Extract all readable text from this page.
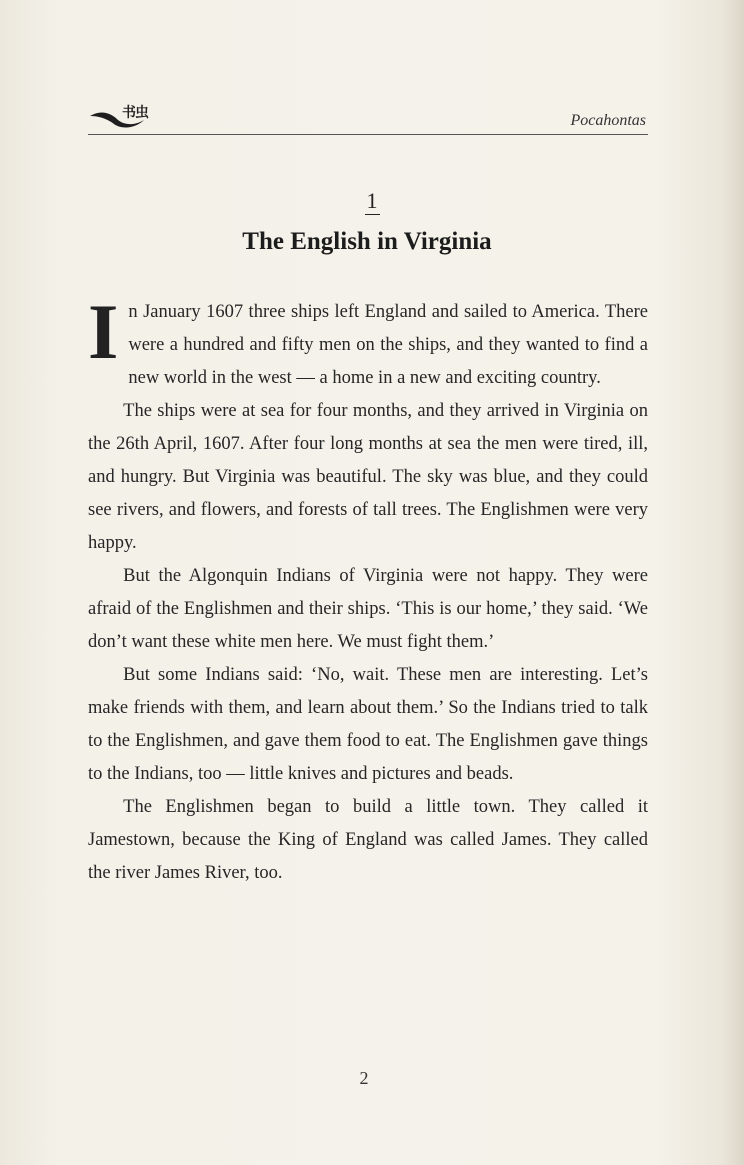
书虫	Pocahontas
1
The English in Virginia

In January 1607 three ships left England and sailed to America. There were a hundred and fifty men on the ships, and they wanted to find a new world in the west — a home in a new and exciting country.

The ships were at sea for four months, and they arrived in Virginia on the 26th April, 1607. After four long months at sea the men were tired, ill, and hungry. But Virginia was beautiful. The sky was blue, and they could see rivers, and flowers, and forests of tall trees. The Englishmen were very happy.

But the Algonquin Indians of Virginia were not happy. They were afraid of the Englishmen and their ships. ‘This is our home,’ they said. ‘We don’t want these white men here. We must fight them.’

But some Indians said: ‘No, wait. These men are interesting. Let’s make friends with them, and learn about them.’ So the Indians tried to talk to the Englishmen, and gave them food to eat. The Englishmen gave things to the Indians, too — little knives and pictures and beads.

The Englishmen began to build a little town. They called it Jamestown, because the King of England was called James. They called the river James River, too.

2
